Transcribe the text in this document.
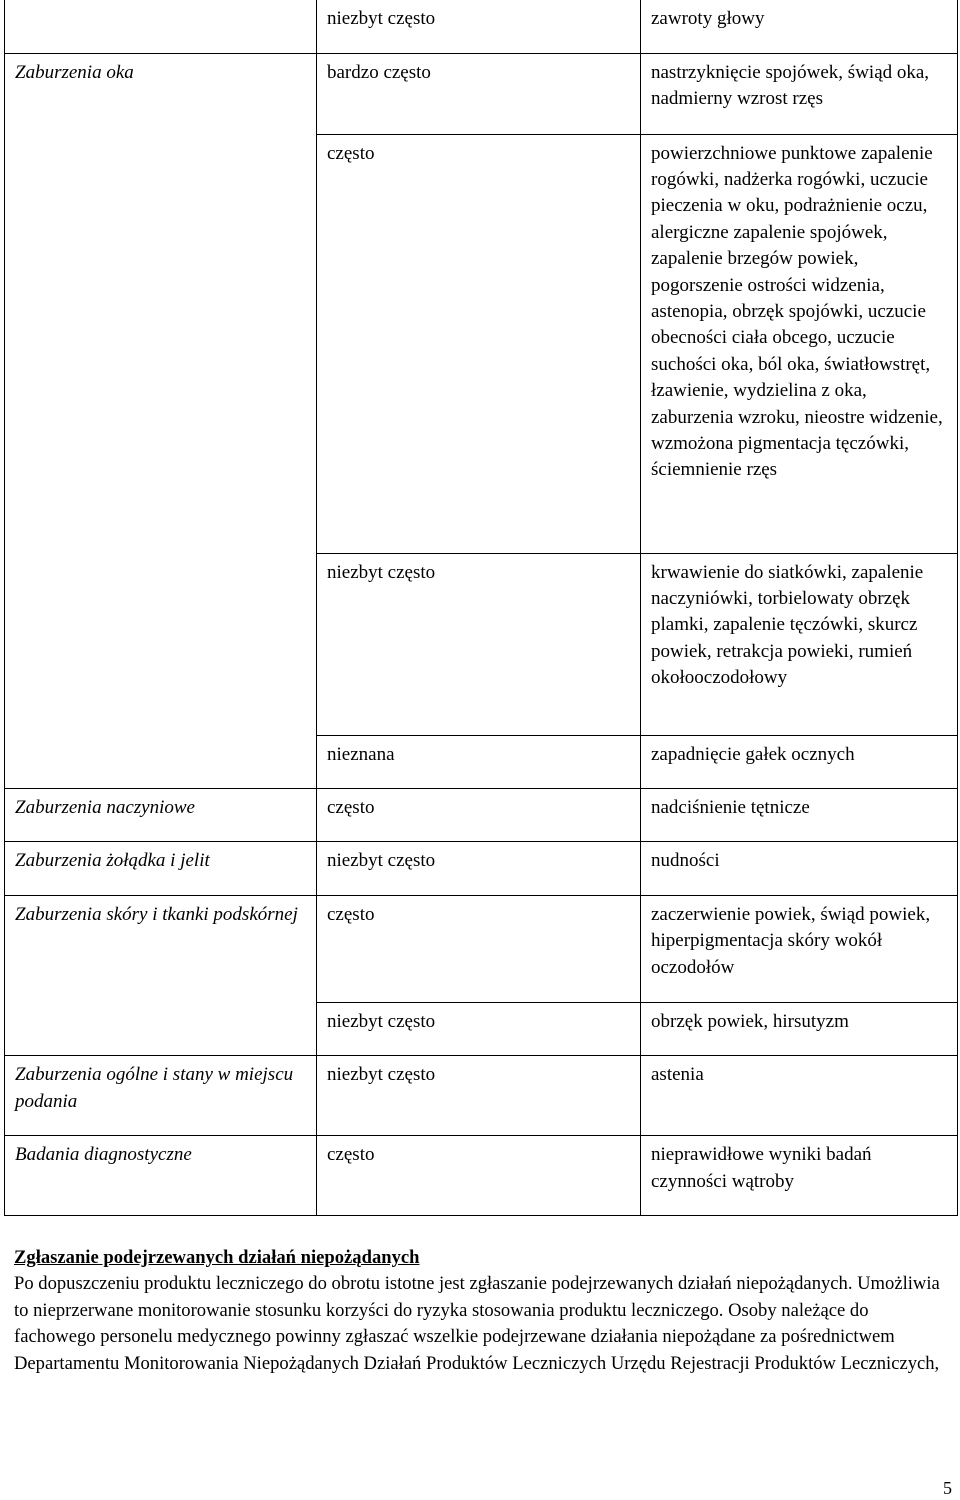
	niezbyt często	zawroty głowy
Zaburzenia oka	bardzo często	nastrzyknięcie spojówek, świąd oka, nadmierny wzrost rzęs
	często	powierzchniowe punktowe zapalenie rogówki, nadżerka rogówki, uczucie pieczenia w oku, podrażnienie oczu, alergiczne zapalenie spojówek, zapalenie brzegów powiek, pogorszenie ostrości widzenia, astenopia, obrzęk spojówki, uczucie obecności ciała obcego, uczucie suchości oka, ból oka, światłowstręt, łzawienie, wydzielina z oka, zaburzenia wzroku, nieostre widzenie, wzmożona pigmentacja tęczówki, ściemnienie rzęs
	niezbyt często	krwawienie do siatkówki, zapalenie naczyniówki, torbielowaty obrzęk plamki, zapalenie tęczówki, skurcz powiek, retrakcja powieki, rumień okołooczodołowy
	nieznana	zapadnięcie gałek ocznych
Zaburzenia naczyniowe	często	nadciśnienie tętnicze
Zaburzenia żołądka i jelit	niezbyt często	nudności
Zaburzenia skóry i tkanki podskórnej	często	zaczerwienie powiek, świąd powiek, hiperpigmentacja skóry wokół oczodołów
	niezbyt często	obrzęk powiek, hirsutyzm
Zaburzenia ogólne i stany w miejscu podania	niezbyt często	astenia
Badania diagnostyczne	często	nieprawidłowe wyniki badań czynności wątroby
Zgłaszanie podejrzewanych działań niepożądanych
Po dopuszczeniu produktu leczniczego do obrotu istotne jest zgłaszanie podejrzewanych działań niepożądanych. Umożliwia to nieprzerwane monitorowanie stosunku korzyści do ryzyka stosowania produktu leczniczego. Osoby należące do fachowego personelu medycznego powinny zgłaszać wszelkie podejrzewane działania niepożądane za pośrednictwem Departamentu Monitorowania Niepożądanych Działań Produktów Leczniczych Urzędu Rejestracji Produktów Leczniczych,
5
